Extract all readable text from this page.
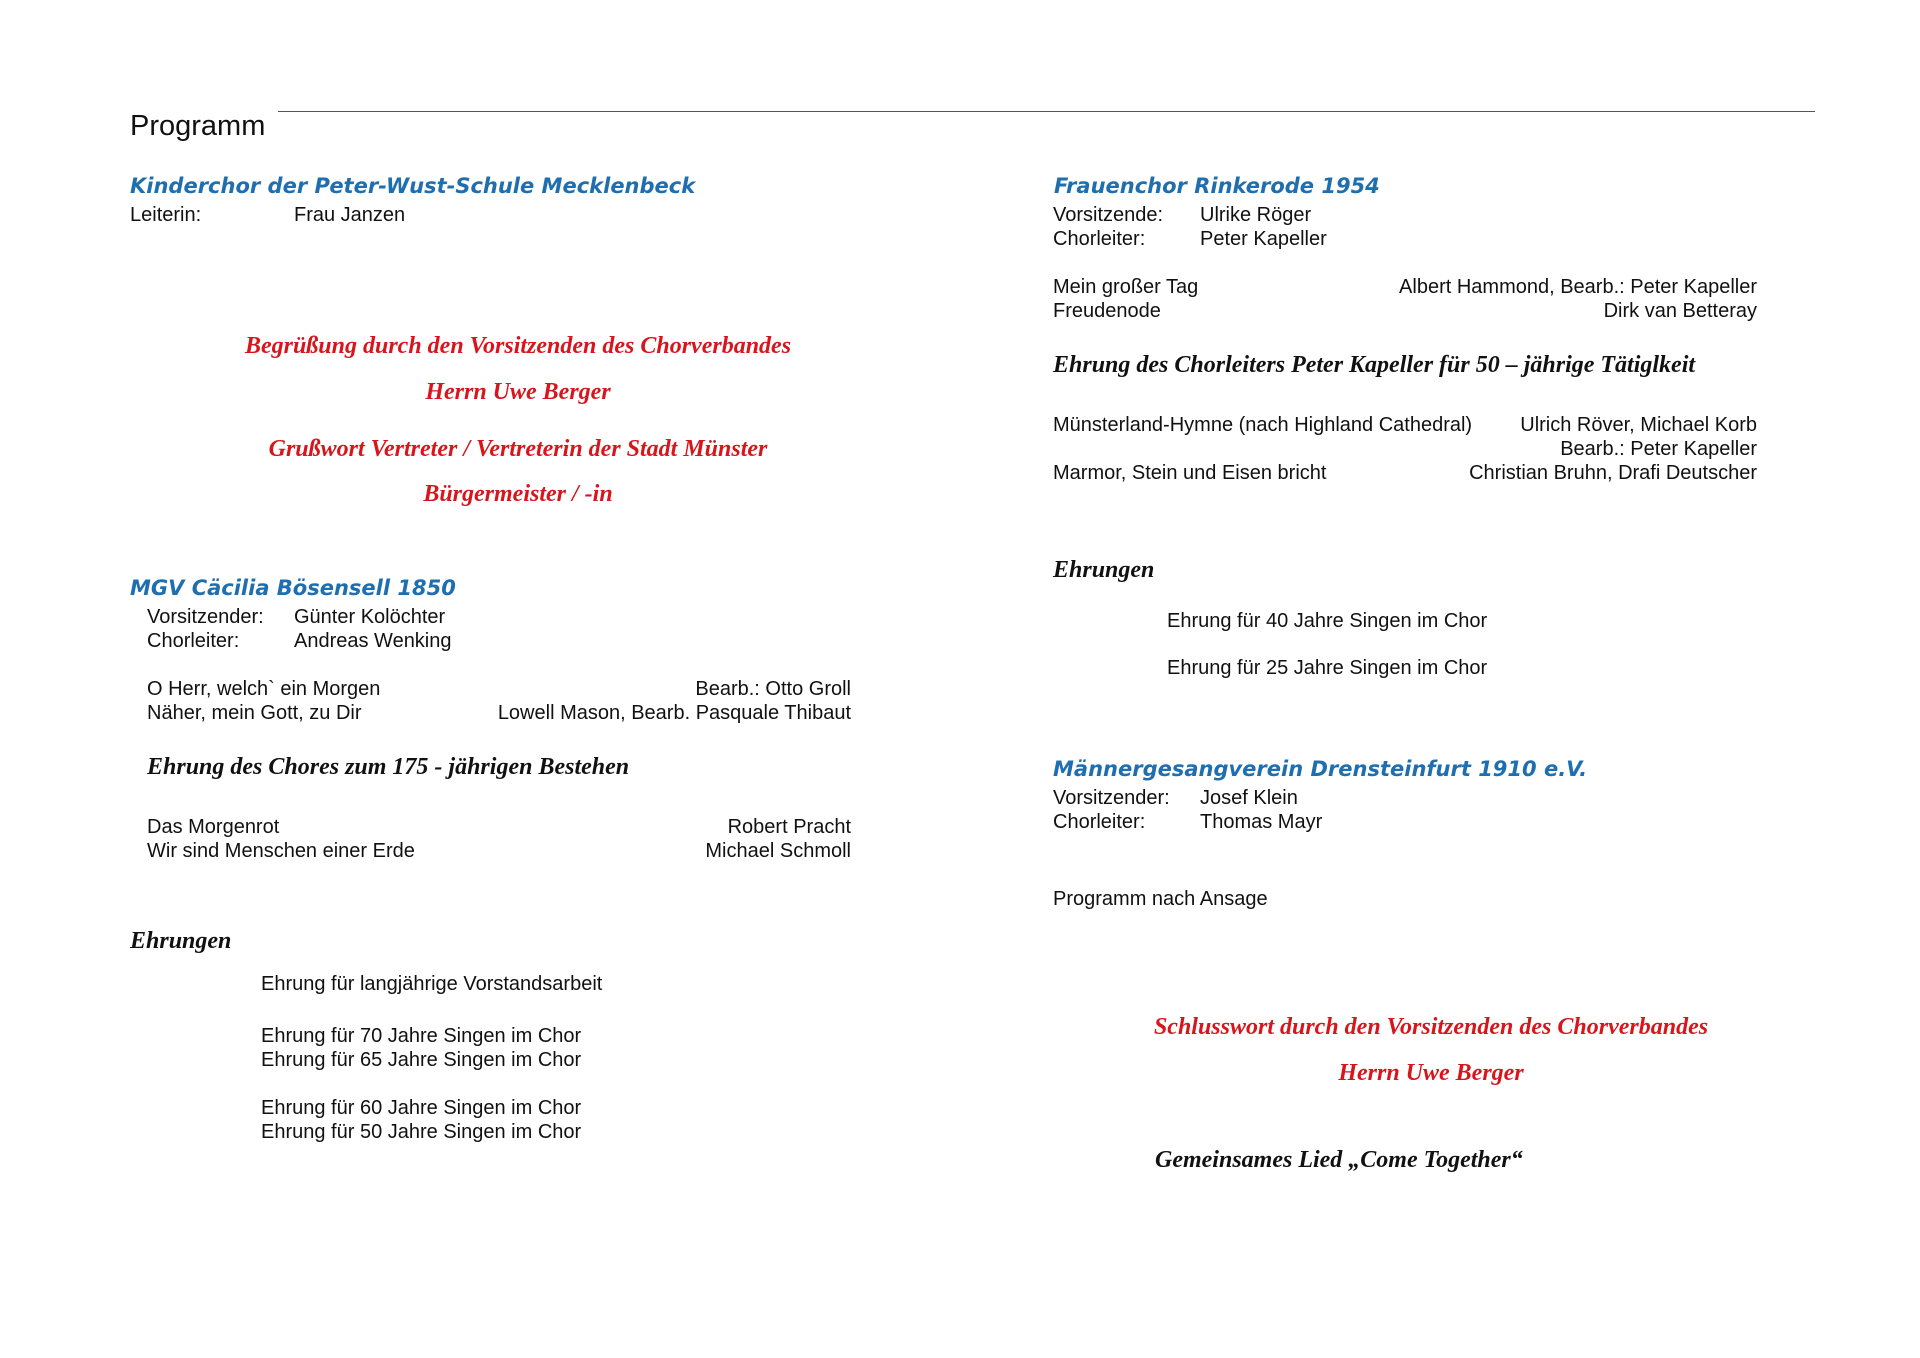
Programm
Kinderchor der Peter-Wust-Schule Mecklenbeck
Leiterin:	Frau Janzen
Begrüßung durch den Vorsitzenden des Chorverbandes
Herrn Uwe Berger
Grußwort Vertreter / Vertreterin der Stadt Münster
Bürgermeister / -in
MGV Cäcilia Bösensell 1850
Vorsitzender: Günter Kolöchter
Chorleiter:	Andreas Wenking
O Herr, welch` ein Morgen	Bearb.: Otto Groll
Näher, mein Gott, zu Dir	Lowell Mason, Bearb. Pasquale Thibaut
Ehrung des Chores zum 175 - jährigen Bestehen
Das Morgenrot	Robert Pracht
Wir sind Menschen einer Erde	Michael Schmoll
Ehrungen
Ehrung für langjährige Vorstandsarbeit
Ehrung für 70 Jahre Singen im Chor
Ehrung für 65 Jahre Singen im Chor
Ehrung für 60 Jahre Singen im Chor
Ehrung für 50 Jahre Singen im Chor
Frauenchor Rinkerode 1954
Vorsitzende: Ulrike Röger
Chorleiter:	Peter Kapeller
Mein großer Tag	Albert Hammond, Bearb.: Peter Kapeller
Freudenode	Dirk van Betteray
Ehrung des Chorleiters Peter Kapeller für 50 – jährige Tätiglkeit
Münsterland-Hymne (nach Highland Cathedral)	Ulrich Röver, Michael Korb
Bearb.: Peter Kapeller
Marmor, Stein und Eisen bricht	Christian Bruhn, Drafi Deutscher
Ehrungen
Ehrung für 40 Jahre Singen im Chor
Ehrung für 25 Jahre Singen im Chor
Männergesangverein Drensteinfurt 1910 e.V.
Vorsitzender: Josef Klein
Chorleiter:	Thomas Mayr
Programm nach Ansage
Schlusswort durch den Vorsitzenden des Chorverbandes
Herrn Uwe Berger
Gemeinsames Lied „Come Together“
